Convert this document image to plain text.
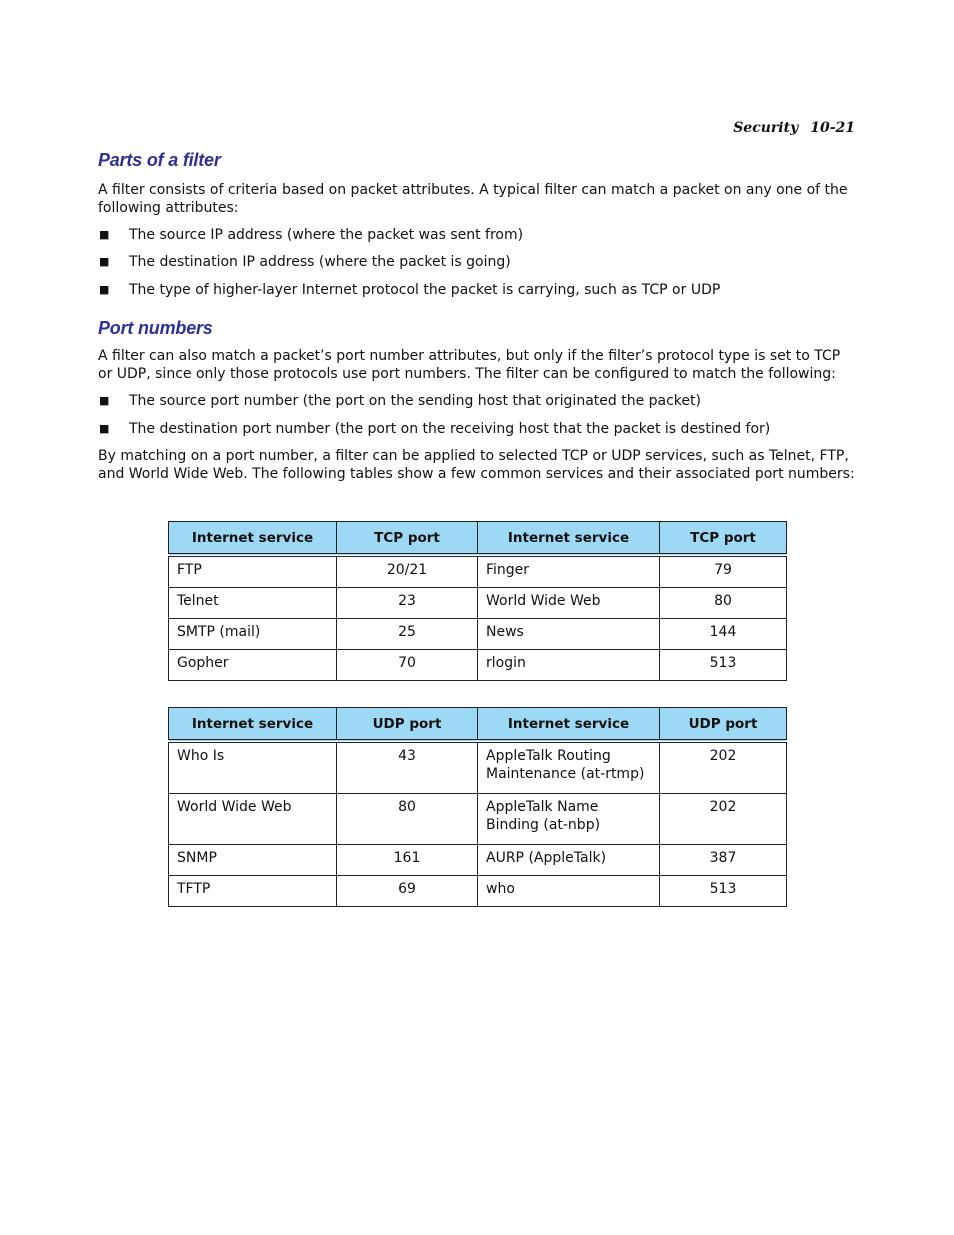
Security 10-21
Parts of a filter

A filter consists of criteria based on packet attributes. A typical filter can match a packet on any one of the following attributes:

■ The source IP address (where the packet was sent from)
■ The destination IP address (where the packet is going)
■ The type of higher-layer Internet protocol the packet is carrying, such as TCP or UDP
Port numbers

A filter can also match a packet’s port number attributes, but only if the filter’s protocol type is set to TCP or UDP, since only those protocols use port numbers. The filter can be configured to match the following:

■ The source port number (the port on the sending host that originated the packet)
■ The destination port number (the port on the receiving host that the packet is destined for)

By matching on a port number, a filter can be applied to selected TCP or UDP services, such as Telnet, FTP, and World Wide Web. The following tables show a few common services and their associated port numbers:

Internet service	TCP port	Internet service	TCP port
FTP	20/21	Finger	79
Telnet	23	World Wide Web	80
SMTP (mail)	25	News	144
Gopher	70	rlogin	513
Internet service	UDP port	Internet service	UDP port
Who Is	43	AppleTalk Routing Maintenance (at-rtmp)	202
World Wide Web	80	AppleTalk Name Binding (at-nbp)	202
SNMP	161	AURP (AppleTalk)	387
TFTP	69	who	513
